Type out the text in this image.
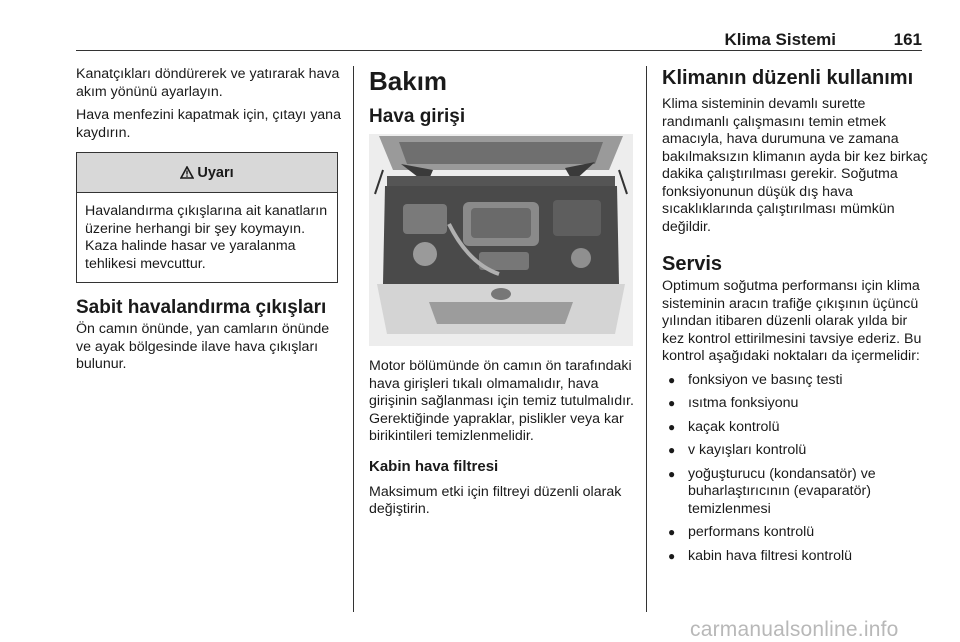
Klima Sistemi	161

Kanatçıkları döndürerek ve yatırarak hava akım yönünü ayarlayın.

Hava menfezini kapatmak için, çıtayı yana kaydırın.

Uyarı
Havalandırma çıkışlarına ait kanatların üzerine herhangi bir şey koymayın. Kaza halinde hasar ve yaralanma tehlikesi mevcuttur.
Sabit havalandırma çıkışları

Ön camın önünde, yan camların önünde ve ayak bölgesinde ilave hava çıkışları bulunur.

Bakım
Hava girişi

Motor bölümünde ön camın ön tarafındaki hava girişleri tıkalı olmamalıdır, hava girişinin sağlanması için temiz tutulmalıdır. Gerektiğinde yapraklar, pislikler veya kar birikintileri temizlenmelidir.

Kabin hava filtresi

Maksimum etki için filtreyi düzenli olarak değiştirin.

Klimanın düzenli kullanımı

Klima sisteminin devamlı surette randımanlı çalışmasını temin etmek amacıyla, hava durumuna ve zamana bakılmaksızın klimanın ayda bir kez birkaç dakika çalıştırılması gerekir. Soğutma fonksiyonunun düşük dış hava sıcaklıklarında çalıştırılması mümkün değildir.

Servis

Optimum soğutma performansı için klima sisteminin aracın trafiğe çıkışının üçüncü yılından itibaren düzenli olarak yılda bir kez kontrol ettirilmesini tavsiye ederiz. Bu kontrol aşağıdaki noktaları da içermelidir:

● fonksiyon ve basınç testi
● ısıtma fonksiyonu
● kaçak kontrolü
● v kayışları kontrolü
● yoğuşturucu (kondansatör) ve buharlaştırıcının (evaparatör) temizlenmesi
● performans kontrolü
● kabin hava filtresi kontrolü
carmanualsonline.info
